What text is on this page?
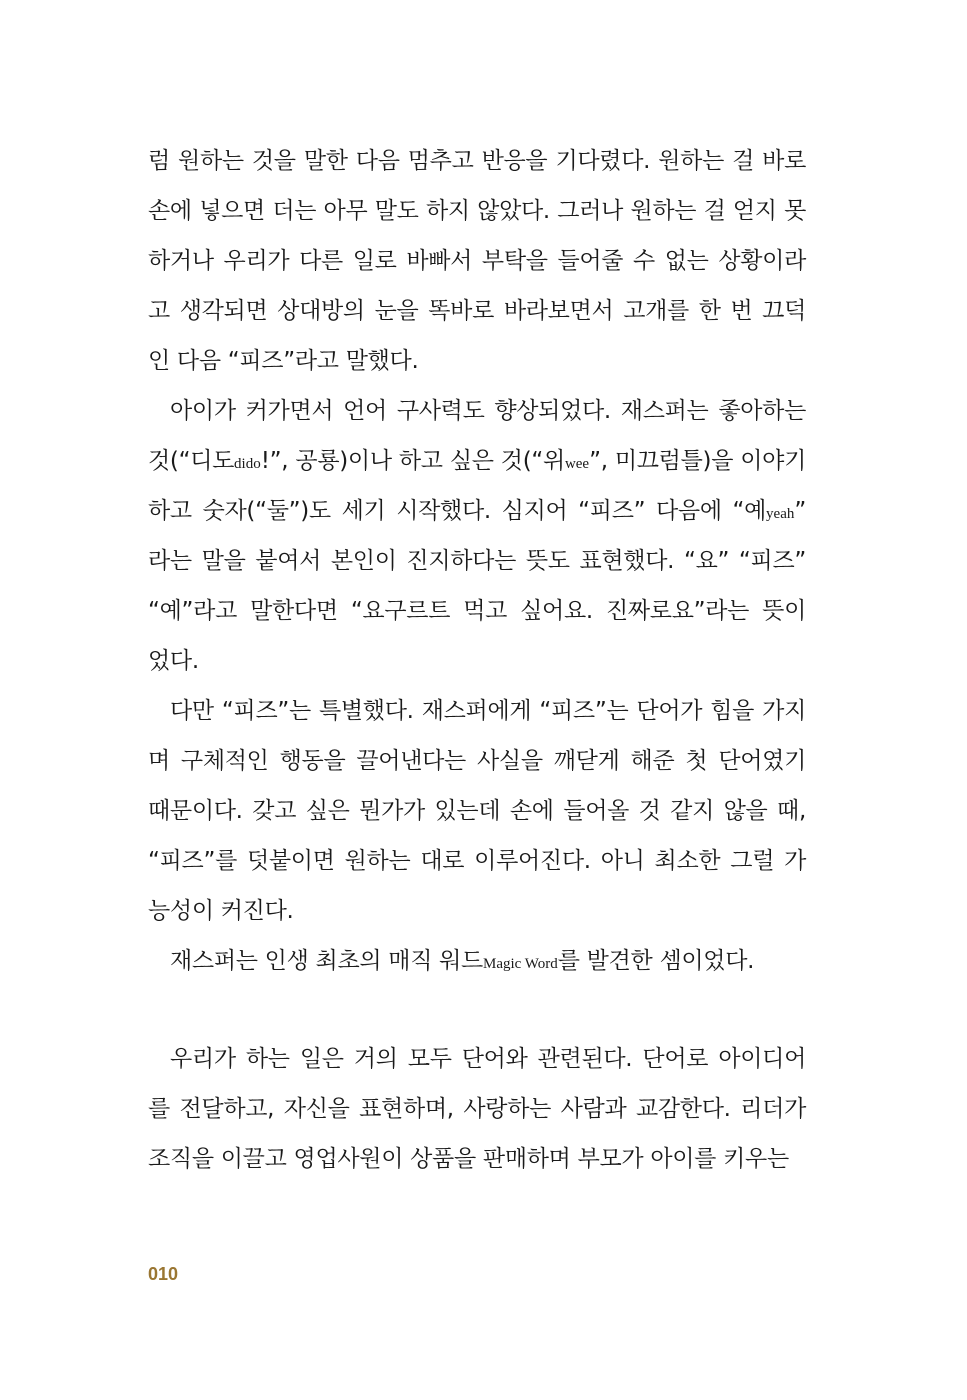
럼 원하는 것을 말한 다음 멈추고 반응을 기다렸다. 원하는 걸 바로
손에 넣으면 더는 아무 말도 하지 않았다. 그러나 원하는 걸 얻지 못
하거나 우리가 다른 일로 바빠서 부탁을 들어줄 수 없는 상황이라
고 생각되면 상대방의 눈을 똑바로 바라보면서 고개를 한 번 끄덕
인 다음 “피즈”라고 말했다.
아이가 커가면서 언어 구사력도 향상되었다. 재스퍼는 좋아하는
것(“디도dido!”, 공룡)이나 하고 싶은 것(“위wee”, 미끄럼틀)을 이야기
하고 숫자(“둘”)도 세기 시작했다. 심지어 “피즈” 다음에 “예yeah”
라는 말을 붙여서 본인이 진지하다는 뜻도 표현했다. “요” “피즈”
“예”라고 말한다면 “요구르트 먹고 싶어요. 진짜로요”라는 뜻이
었다.
다만 “피즈”는 특별했다. 재스퍼에게 “피즈”는 단어가 힘을 가지
며 구체적인 행동을 끌어낸다는 사실을 깨닫게 해준 첫 단어였기
때문이다. 갖고 싶은 뭔가가 있는데 손에 들어올 것 같지 않을 때,
“피즈”를 덧붙이면 원하는 대로 이루어진다. 아니 최소한 그럴 가
능성이 커진다.
재스퍼는 인생 최초의 매직 워드Magic Word를 발견한 셈이었다.
우리가 하는 일은 거의 모두 단어와 관련된다. 단어로 아이디어
를 전달하고, 자신을 표현하며, 사랑하는 사람과 교감한다. 리더가
조직을 이끌고 영업사원이 상품을 판매하며 부모가 아이를 키우는
010
